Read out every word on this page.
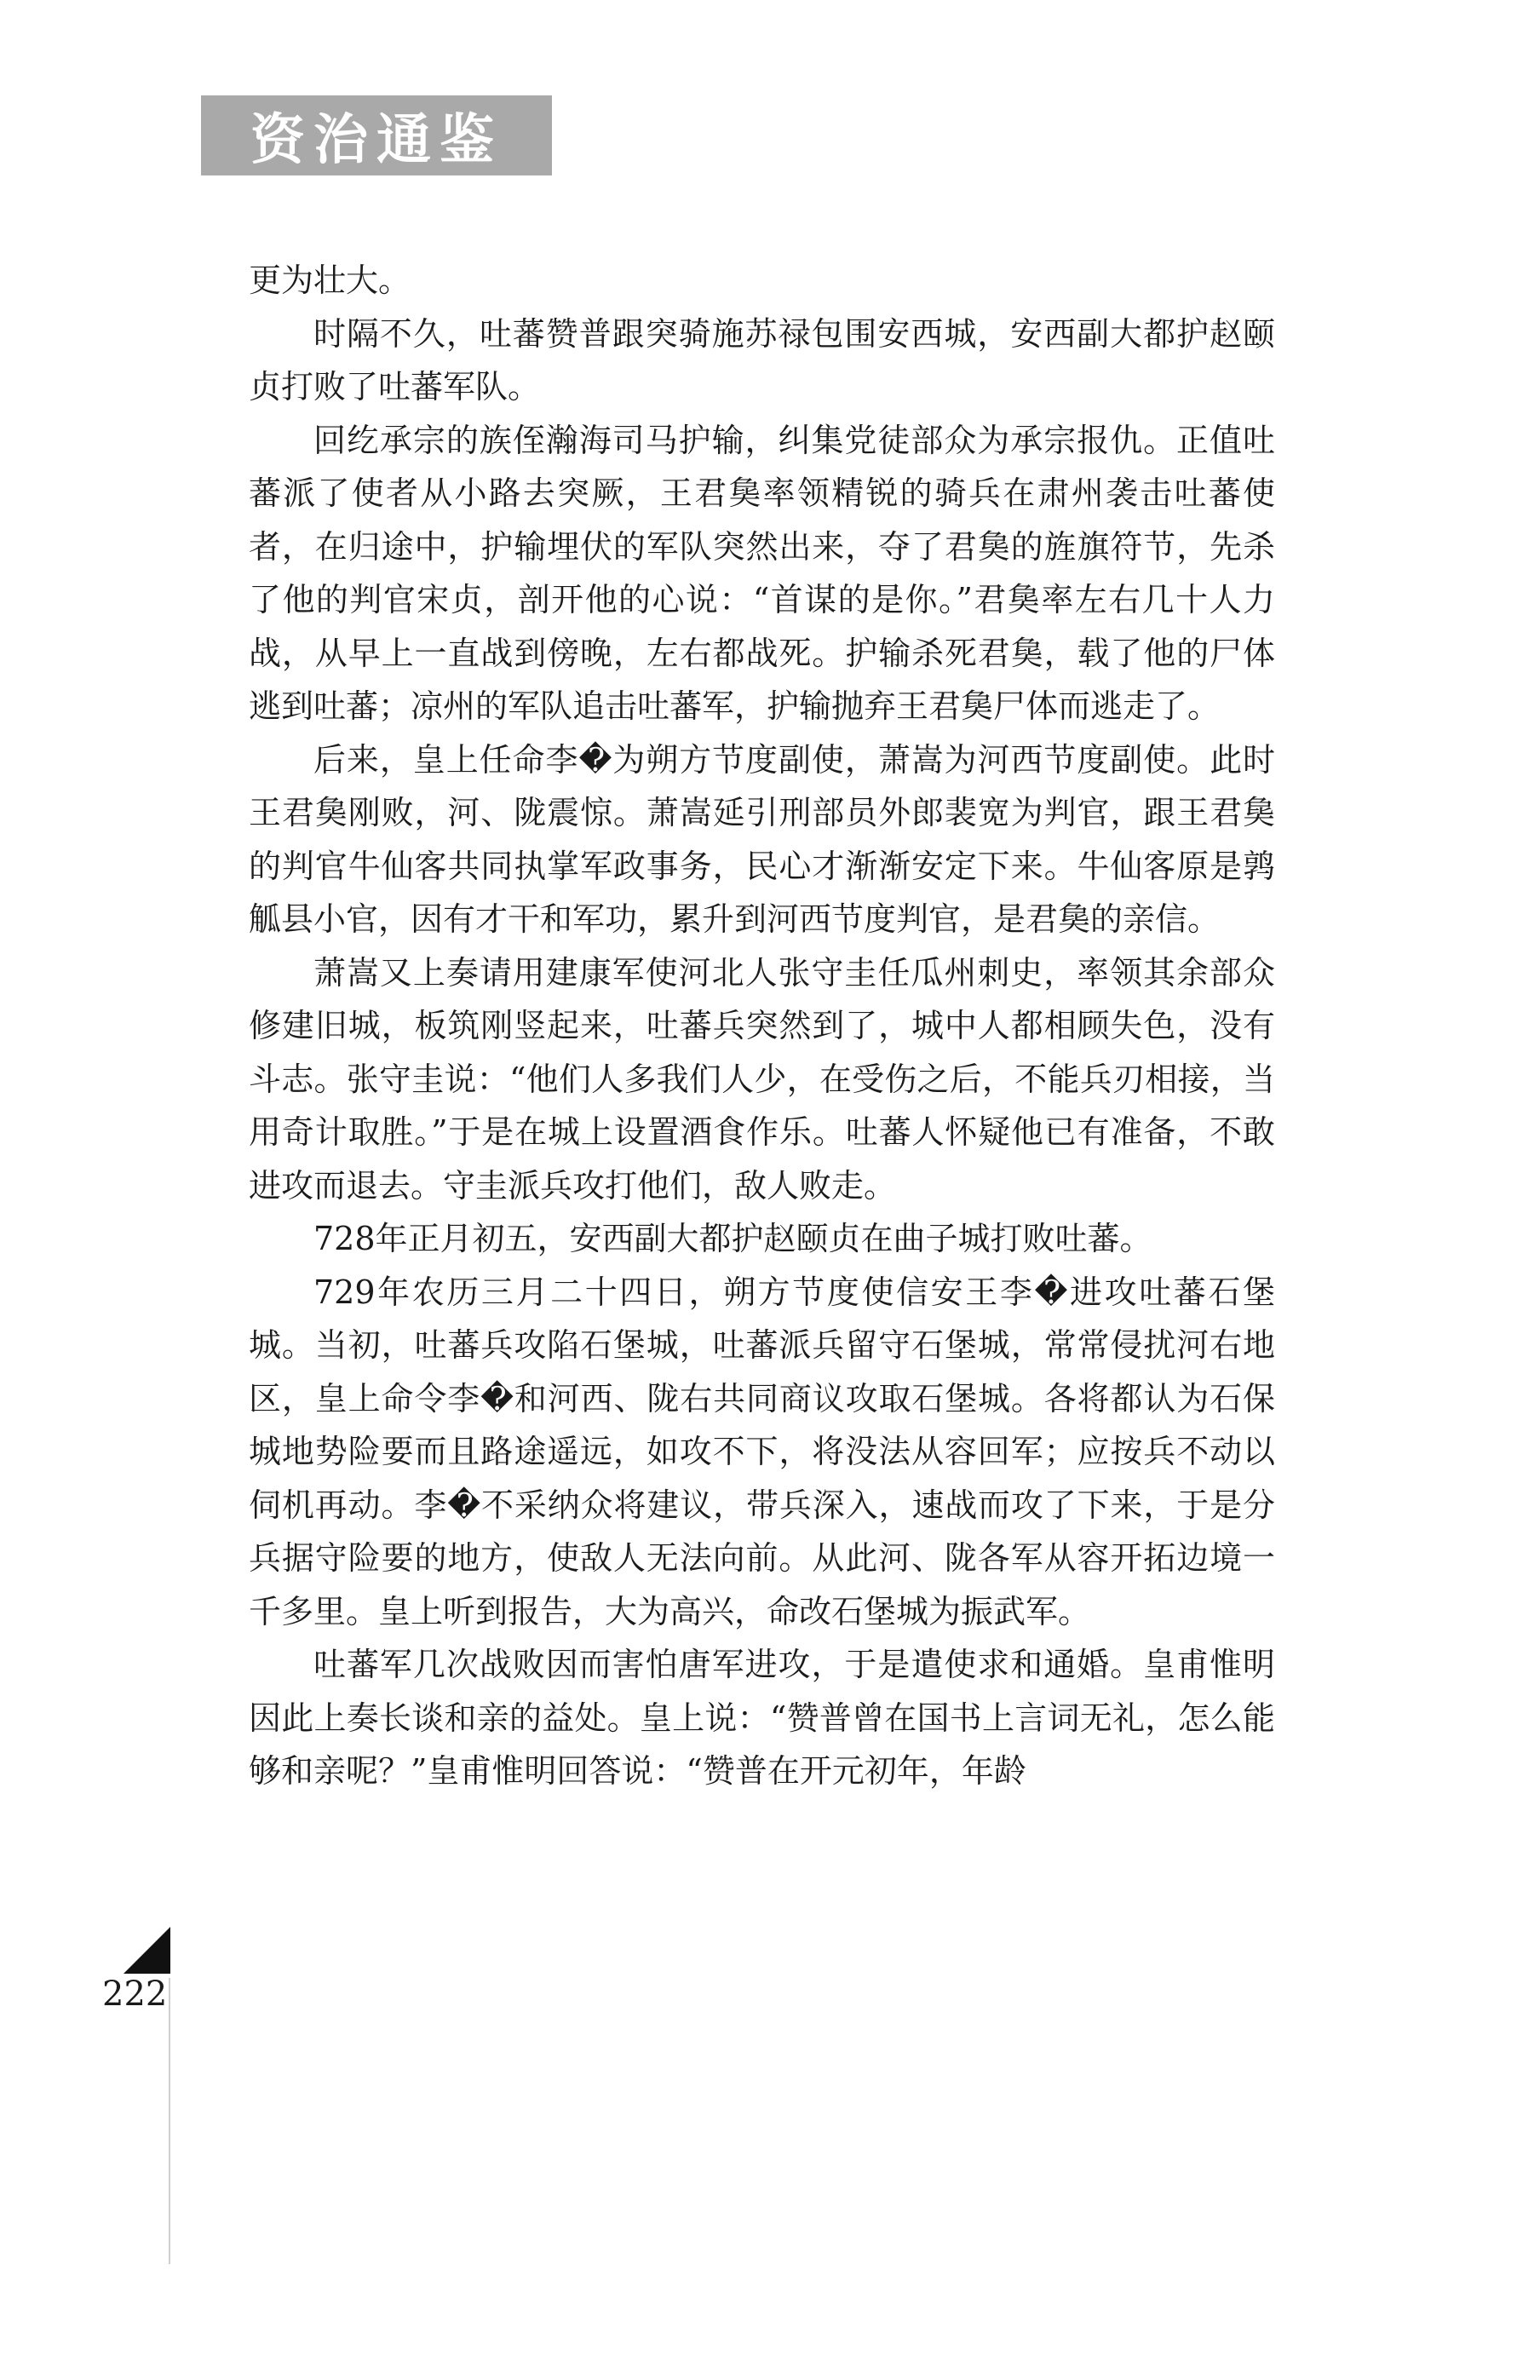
资治通鉴

更为壮大。

时隔不久，吐蕃赞普跟突骑施苏禄包围安西城，安西副大都护赵颐贞打败了吐蕃军队。

回纥承宗的族侄瀚海司马护输，纠集党徒部众为承宗报仇。正值吐蕃派了使者从小路去突厥，王君㚟率领精锐的骑兵在肃州袭击吐蕃使者，在归途中，护输埋伏的军队突然出来，夺了君㚟的旌旗符节，先杀了他的判官宋贞，剖开他的心说：“首谋的是你。”君㚟率左右几十人力战，从早上一直战到傍晚，左右都战死。护输杀死君㚟，载了他的尸体逃到吐蕃；凉州的军队追击吐蕃军，护输抛弃王君㚟尸体而逃走了。

后来，皇上任命李�为朔方节度副使，萧嵩为河西节度副使。此时王君㚟刚败，河、陇震惊。萧嵩延引刑部员外郎裴宽为判官，跟王君㚟的判官牛仙客共同执掌军政事务，民心才渐渐安定下来。牛仙客原是鹑觚县小官，因有才干和军功，累升到河西节度判官，是君㚟的亲信。

萧嵩又上奏请用建康军使河北人张守圭任瓜州刺史，率领其余部众修建旧城，板筑刚竖起来，吐蕃兵突然到了，城中人都相顾失色，没有斗志。张守圭说：“他们人多我们人少，在受伤之后，不能兵刃相接，当用奇计取胜。”于是在城上设置酒食作乐。吐蕃人怀疑他已有准备，不敢进攻而退去。守圭派兵攻打他们，敌人败走。

728年正月初五，安西副大都护赵颐贞在曲子城打败吐蕃。

729年农历三月二十四日，朔方节度使信安王李�进攻吐蕃石堡城。当初，吐蕃兵攻陷石堡城，吐蕃派兵留守石堡城，常常侵扰河右地区，皇上命令李�和河西、陇右共同商议攻取石堡城。各将都认为石保城地势险要而且路途遥远，如攻不下，将没法从容回军；应按兵不动以伺机再动。李�不采纳众将建议，带兵深入，速战而攻了下来，于是分兵据守险要的地方，使敌人无法向前。从此河、陇各军从容开拓边境一千多里。皇上听到报告，大为高兴，命改石堡城为振武军。

吐蕃军几次战败因而害怕唐军进攻，于是遣使求和通婚。皇甫惟明因此上奏长谈和亲的益处。皇上说：“赞普曾在国书上言词无礼，怎么能够和亲呢？”皇甫惟明回答说：“赞普在开元初年，年龄

222
